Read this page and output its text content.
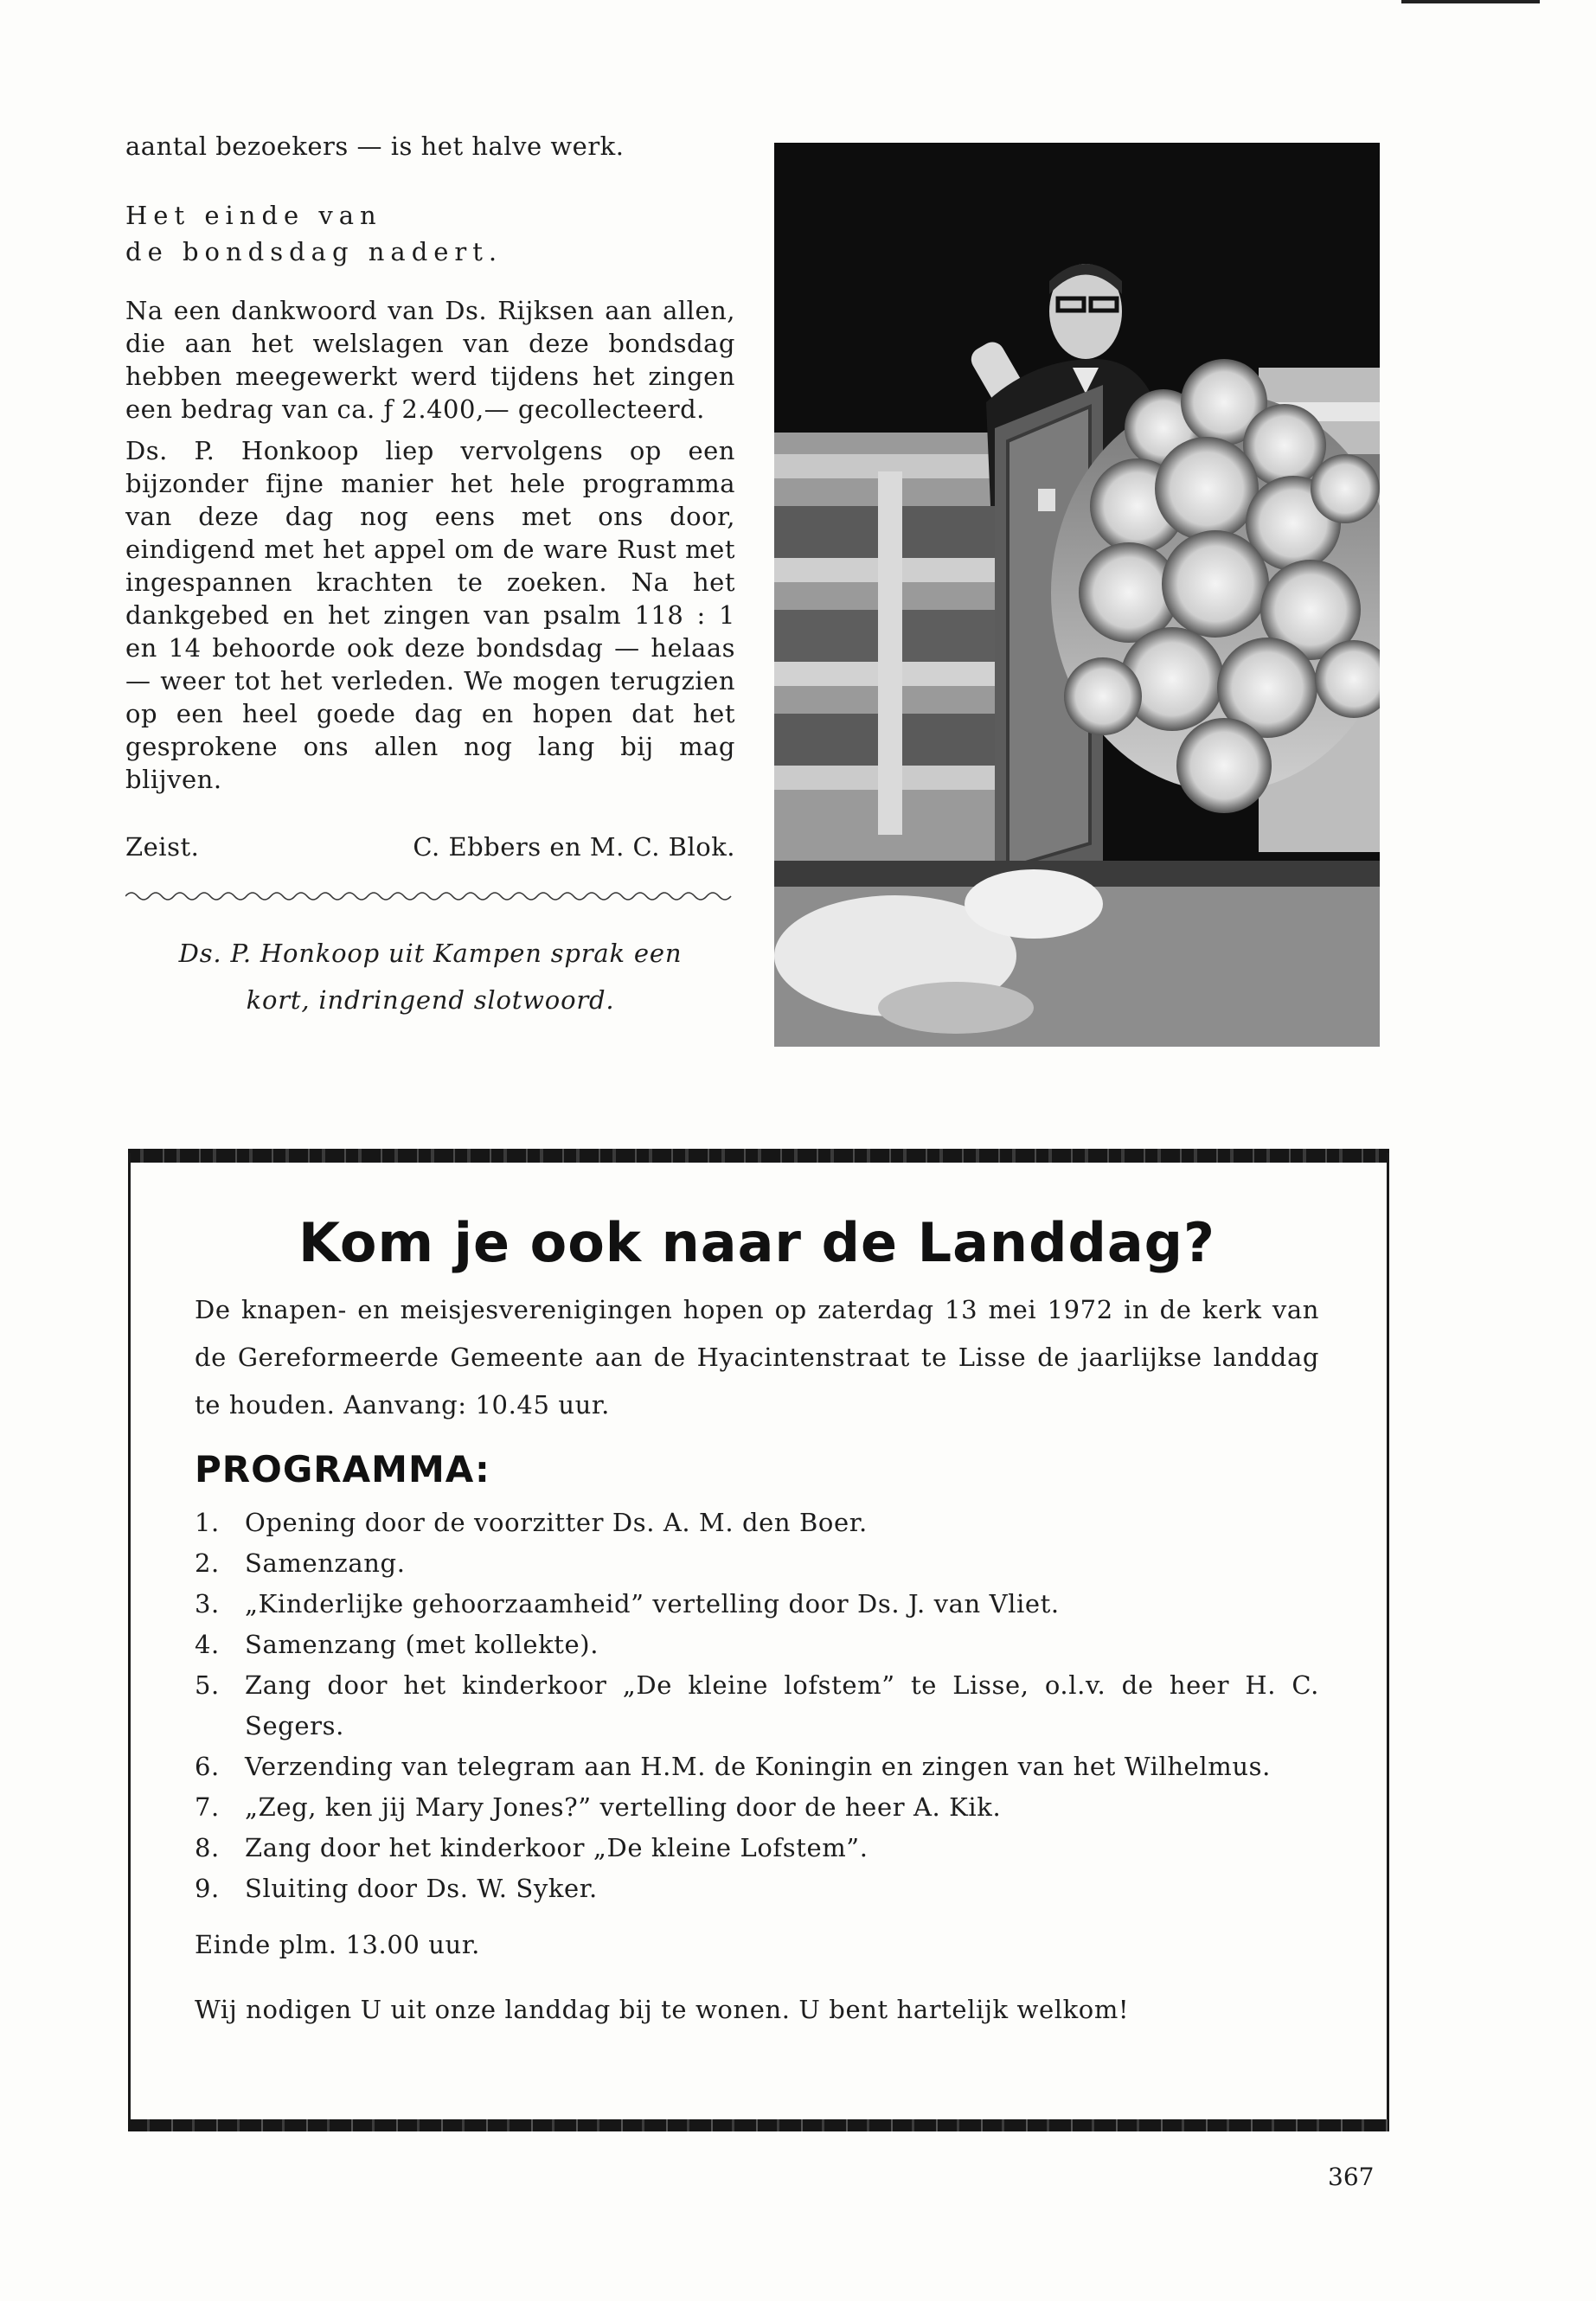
aantal bezoekers — is het halve werk.

Het einde van

de bondsdag nadert.

Na een dankwoord van Ds. Rijksen aan allen, die aan het welslagen van deze bondsdag hebben meegewerkt werd tijdens het zingen een bedrag van ca. ƒ 2.400,— gecollecteerd.

Ds. P. Honkoop liep vervolgens op een bijzonder fijne manier het hele programma van deze dag nog eens met ons door, eindigend met het appel om de ware Rust met ingespannen krachten te zoeken. Na het dankgebed en het zingen van psalm 118 : 1 en 14 behoorde ook deze bondsdag — helaas — weer tot het verleden. We mogen terugzien op een heel goede dag en hopen dat het gesprokene ons allen nog lang bij mag blijven.

Zeist.	C. Ebbers en M. C. Blok.
Ds. P. Honkoop uit Kampen sprak een
kort, indringend slotwoord.
Kom je ook naar de Landdag?

De knapen- en meisjesverenigingen hopen op zaterdag 13 mei 1972 in de kerk van de Gereformeerde Gemeente aan de Hyacintenstraat te Lisse de jaarlijkse landdag te houden. Aanvang: 10.45 uur.

PROGRAMMA:
1.	Opening door de voorzitter Ds. A. M. den Boer.
2.	Samenzang.
3.	„Kinderlijke gehoorzaamheid” vertelling door Ds. J. van Vliet.
4.	Samenzang (met kollekte).
5.	Zang door het kinderkoor „De kleine lofstem” te Lisse, o.l.v. de heer H. C. Segers.
6.	Verzending van telegram aan H.M. de Koningin en zingen van het Wilhelmus.
7.	„Zeg, ken jij Mary Jones?” vertelling door de heer A. Kik.
8.	Zang door het kinderkoor „De kleine Lofstem”.
9.	Sluiting door Ds. W. Syker.

Einde plm. 13.00 uur.

Wij nodigen U uit onze landdag bij te wonen. U bent hartelijk welkom!

367
